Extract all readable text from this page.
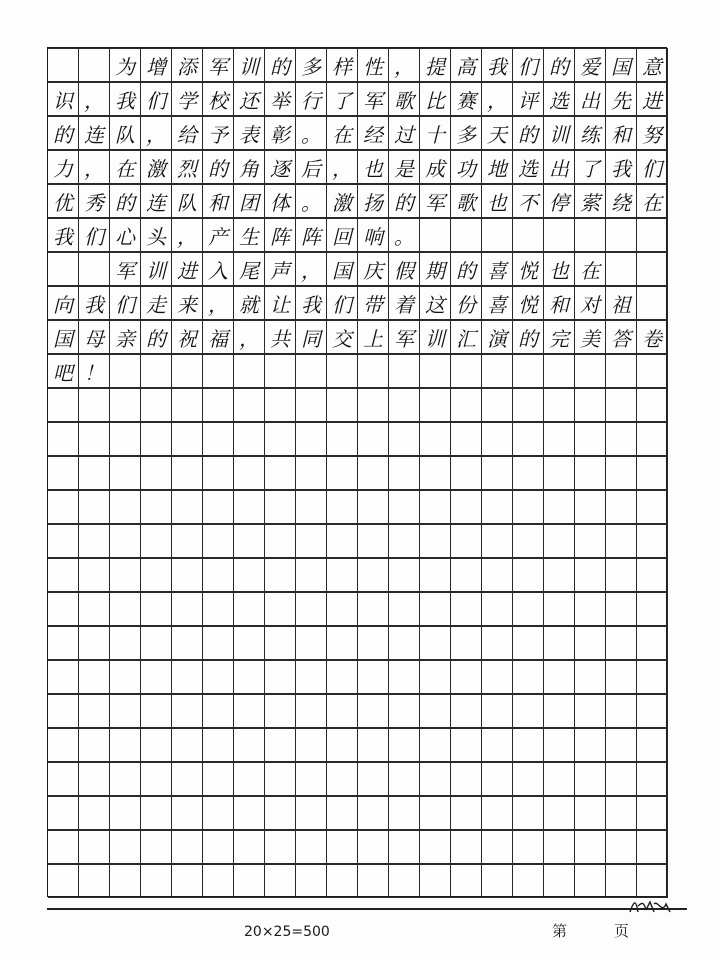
为 增 添 军 训 的 多 样 性 ， 提 高 我 们 的 爱 国 意
识 ， 我 们 学 校 还 举 行 了 军 歌 比 赛 ， 评 选 出 先 进
的 连 队 ， 给 予 表 彰 。 在 经 过 十 多 天 的 训 练 和 努
力 ， 在 激 烈 的 角 逐 后 ， 也 是 成 功 地 选 出 了 我 们
优 秀 的 连 队 和 团 体 。 激 扬 的 军 歌 也 不 停 萦 绕 在
我 们 心 头 ， 产 生 阵 阵 回 响 。
军 训 进 入 尾 声 ， 国 庆 假 期 的 喜 悦 也 在
向 我 们 走 来 ， 就 让 我 们 带 着 这 份 喜 悦 和 对 祖
国 母 亲 的 祝 福 ， 共 同 交 上 军 训 汇 演 的 完 美 答 卷
吧 ！
20×25=500	第	页
